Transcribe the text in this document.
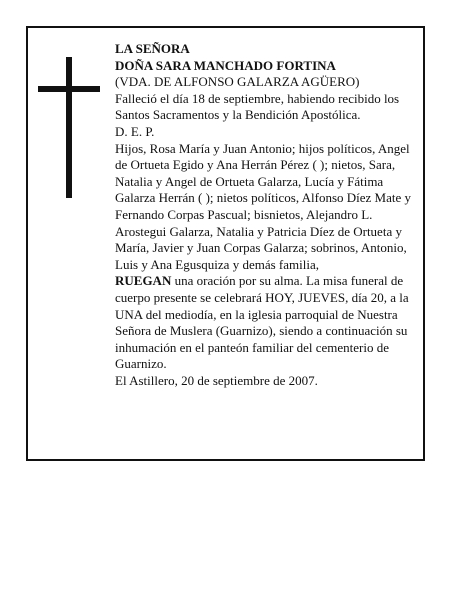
LA SEÑORA

DOÑA SARA MANCHADO FORTINA

(VDA. DE ALFONSO GALARZA AGÜERO)

Falleció el día 18 de septiembre, habiendo recibido los Santos Sacramentos y la Bendición Apostólica.

D. E. P.

Hijos, Rosa María y Juan Antonio; hijos políticos, Angel de Ortueta Egido y Ana Herrán Pérez ( ); nietos, Sara, Natalia y Angel de Ortueta Galarza, Lucía y Fátima Galarza Herrán ( ); nietos políticos, Alfonso Díez Mate y Fernando Corpas Pascual; bisnietos, Alejandro L. Arostegui Galarza, Natalia y Patricia Díez de Ortueta y María, Javier y Juan Corpas Galarza; sobrinos, Antonio, Luis y Ana Egusquiza y demás familia,

RUEGAN una oración por su alma. La misa funeral de cuerpo presente se celebrará HOY, JUEVES, día 20, a la UNA del mediodía, en la iglesia parroquial de Nuestra Señora de Muslera (Guarnizo), siendo a continuación su inhumación en el panteón familiar del cementerio de Guarnizo.

El Astillero, 20 de septiembre de 2007.
